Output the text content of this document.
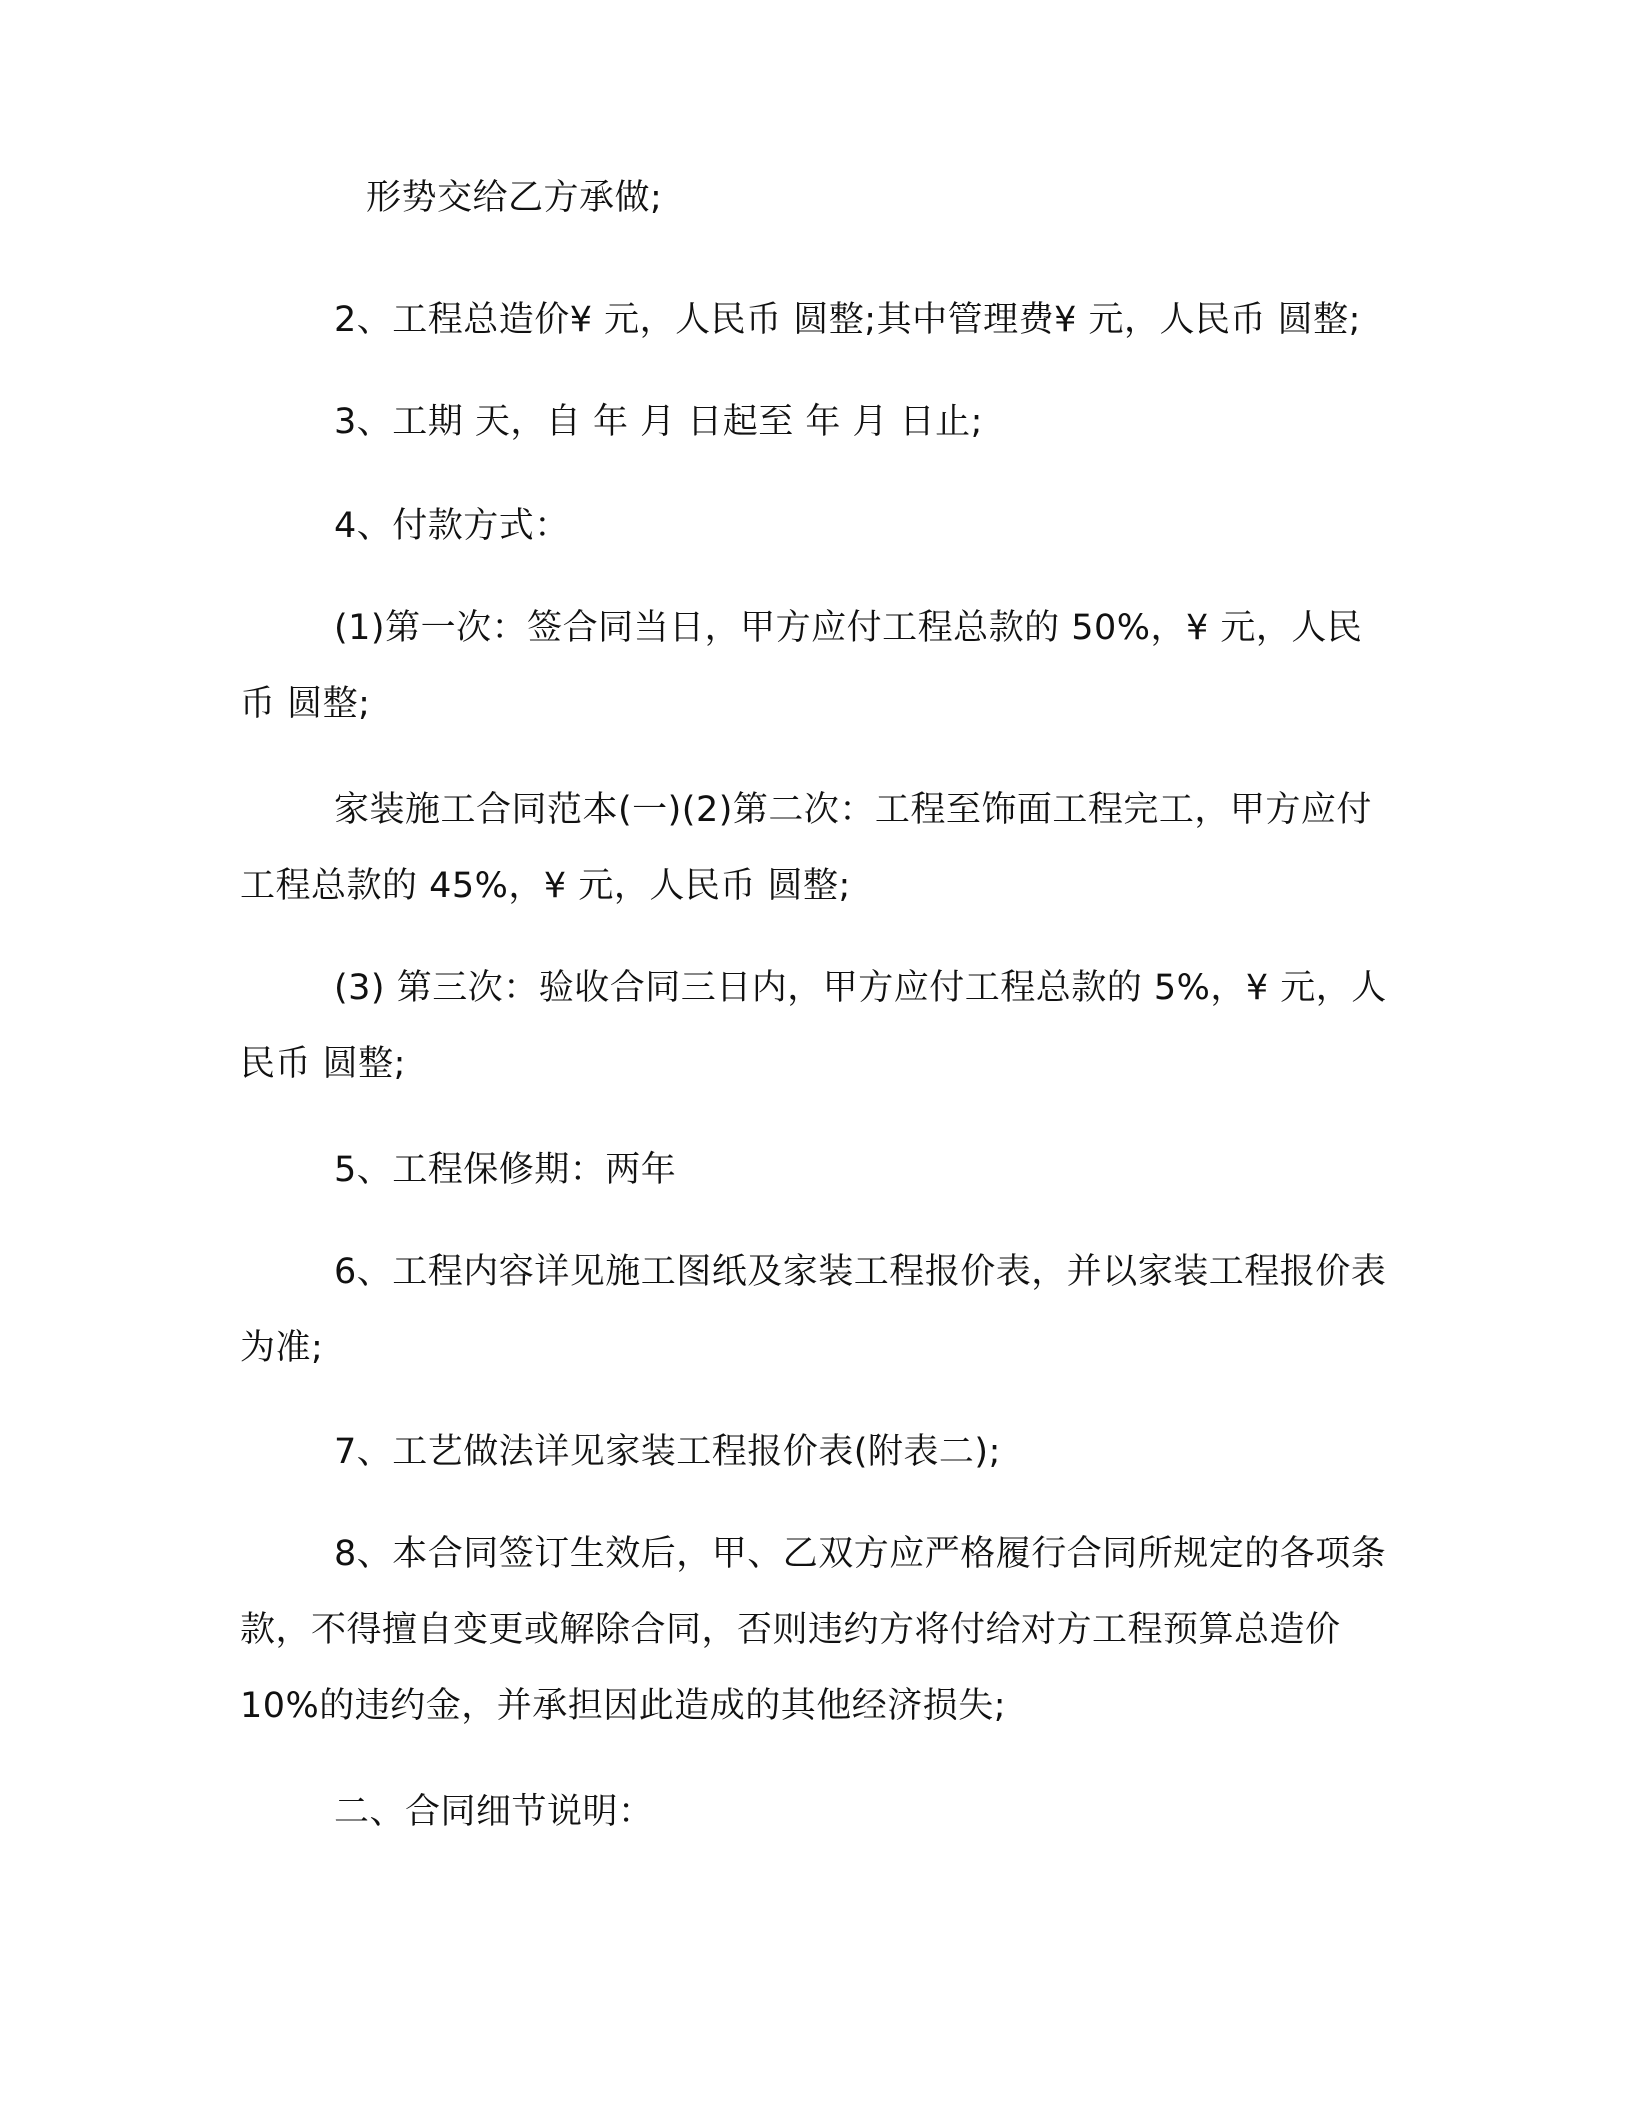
形势交给乙方承做;

2、工程总造价¥ 元，人民币 圆整;其中管理费¥ 元，人民币 圆整;

3、工期 天，自 年 月 日起至 年 月 日止;

4、付款方式：

(1)第一次：签合同当日，甲方应付工程总款的 50%，¥ 元，人民币 圆整;

家装施工合同范本(一)(2)第二次：工程至饰面工程完工，甲方应付工程总款的 45%，¥ 元，人民币 圆整;

(3) 第三次：验收合同三日内，甲方应付工程总款的 5%，¥ 元，人民币 圆整;

5、工程保修期：两年

6、工程内容详见施工图纸及家装工程报价表，并以家装工程报价表为准;

7、工艺做法详见家装工程报价表(附表二);

8、本合同签订生效后，甲、乙双方应严格履行合同所规定的各项条款，不得擅自变更或解除合同，否则违约方将付给对方工程预算总造价 10%的违约金，并承担因此造成的其他经济损失;

二、合同细节说明：
